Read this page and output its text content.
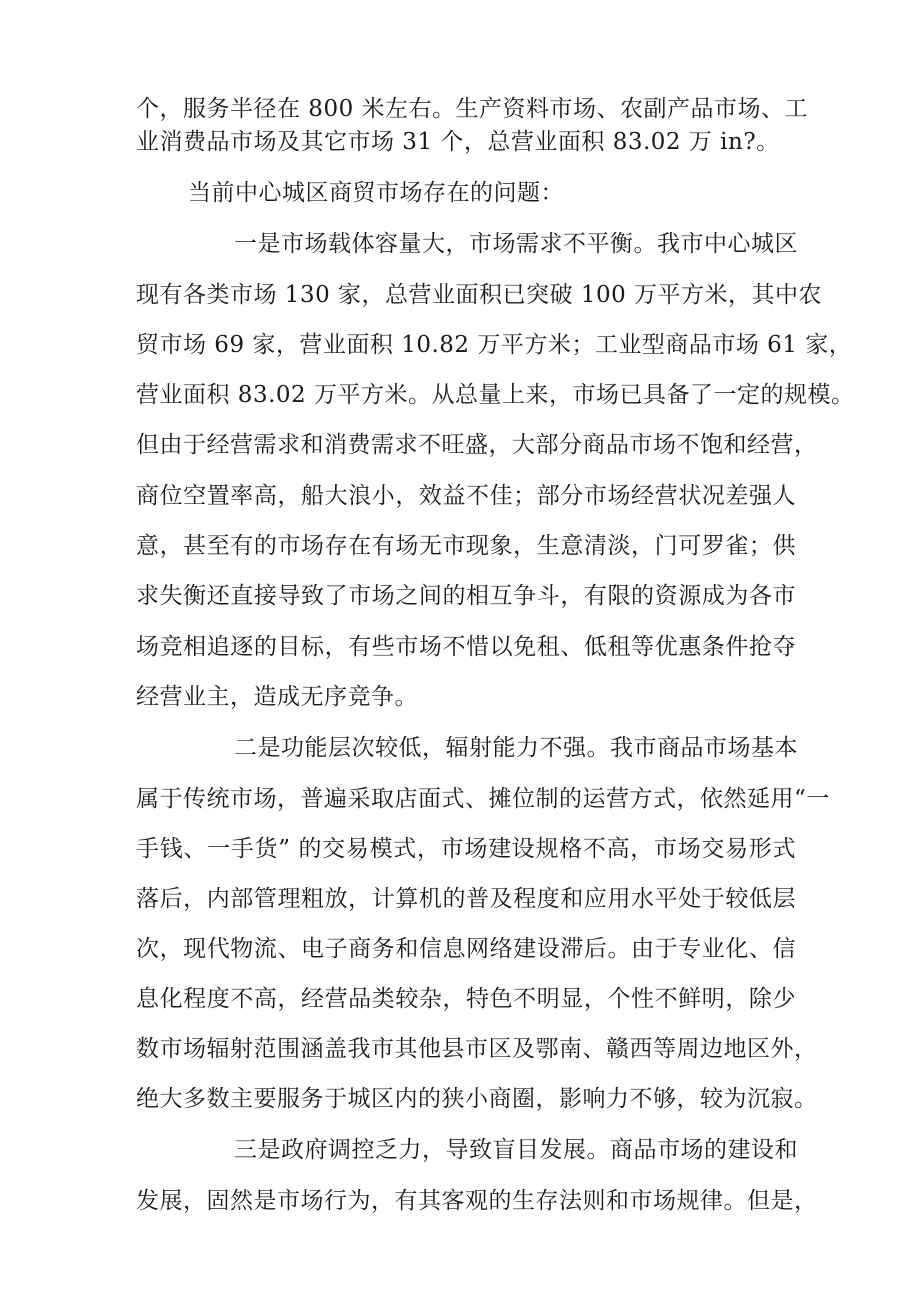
个，服务半径在 800 米左右。生产资料市场、农副产品市场、工
业消费品市场及其它市场 31 个，总营业面积 83.02 万 in?。
当前中心城区商贸市场存在的问题：
一是市场载体容量大，市场需求不平衡。我市中心城区
现有各类市场 130 家，总营业面积已突破 100 万平方米，其中农
贸市场 69 家，营业面积 10.82 万平方米；工业型商品市场 61 家，
营业面积 83.02 万平方米。从总量上来，市场已具备了一定的规模。
但由于经营需求和消费需求不旺盛，大部分商品市场不饱和经营，
商位空置率高，船大浪小，效益不佳；部分市场经营状况差强人
意，甚至有的市场存在有场无市现象，生意清淡，门可罗雀；供
求失衡还直接导致了市场之间的相互争斗，有限的资源成为各市
场竞相追逐的目标，有些市场不惜以免租、低租等优惠条件抢夺
经营业主，造成无序竞争。
二是功能层次较低，辐射能力不强。我市商品市场基本
属于传统市场，普遍采取店面式、摊位制的运营方式，依然延用“一
手钱、一手货” 的交易模式，市场建设规格不高，市场交易形式
落后，内部管理粗放，计算机的普及程度和应用水平处于较低层
次，现代物流、电子商务和信息网络建设滞后。由于专业化、信
息化程度不高，经营品类较杂，特色不明显，个性不鲜明，除少
数市场辐射范围涵盖我市其他县市区及鄂南、赣西等周边地区外，
绝大多数主要服务于城区内的狭小商圈，影响力不够，较为沉寂。
三是政府调控乏力，导致盲目发展。商品市场的建设和
发展，固然是市场行为，有其客观的生存法则和市场规律。但是，
